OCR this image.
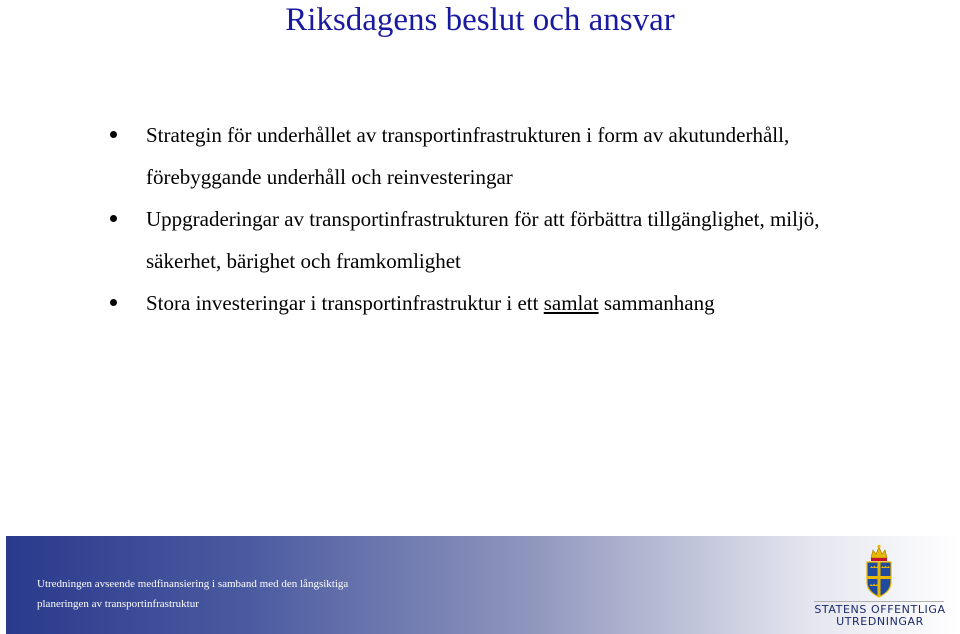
Riksdagens beslut och ansvar
Strategin för underhållet av transportinfrastrukturen i form av akutunderhåll, förebyggande underhåll och reinvesteringar
Uppgraderingar av transportinfrastrukturen för att förbättra tillgänglighet, miljö, säkerhet, bärighet och framkomlighet
Stora investeringar i transportinfrastruktur i ett samlat sammanhang
Utredningen avseende medfinansiering i samband med den långsiktiga planeringen av transportinfrastruktur	STATENS OFFENTLIGA
UTREDNINGAR
